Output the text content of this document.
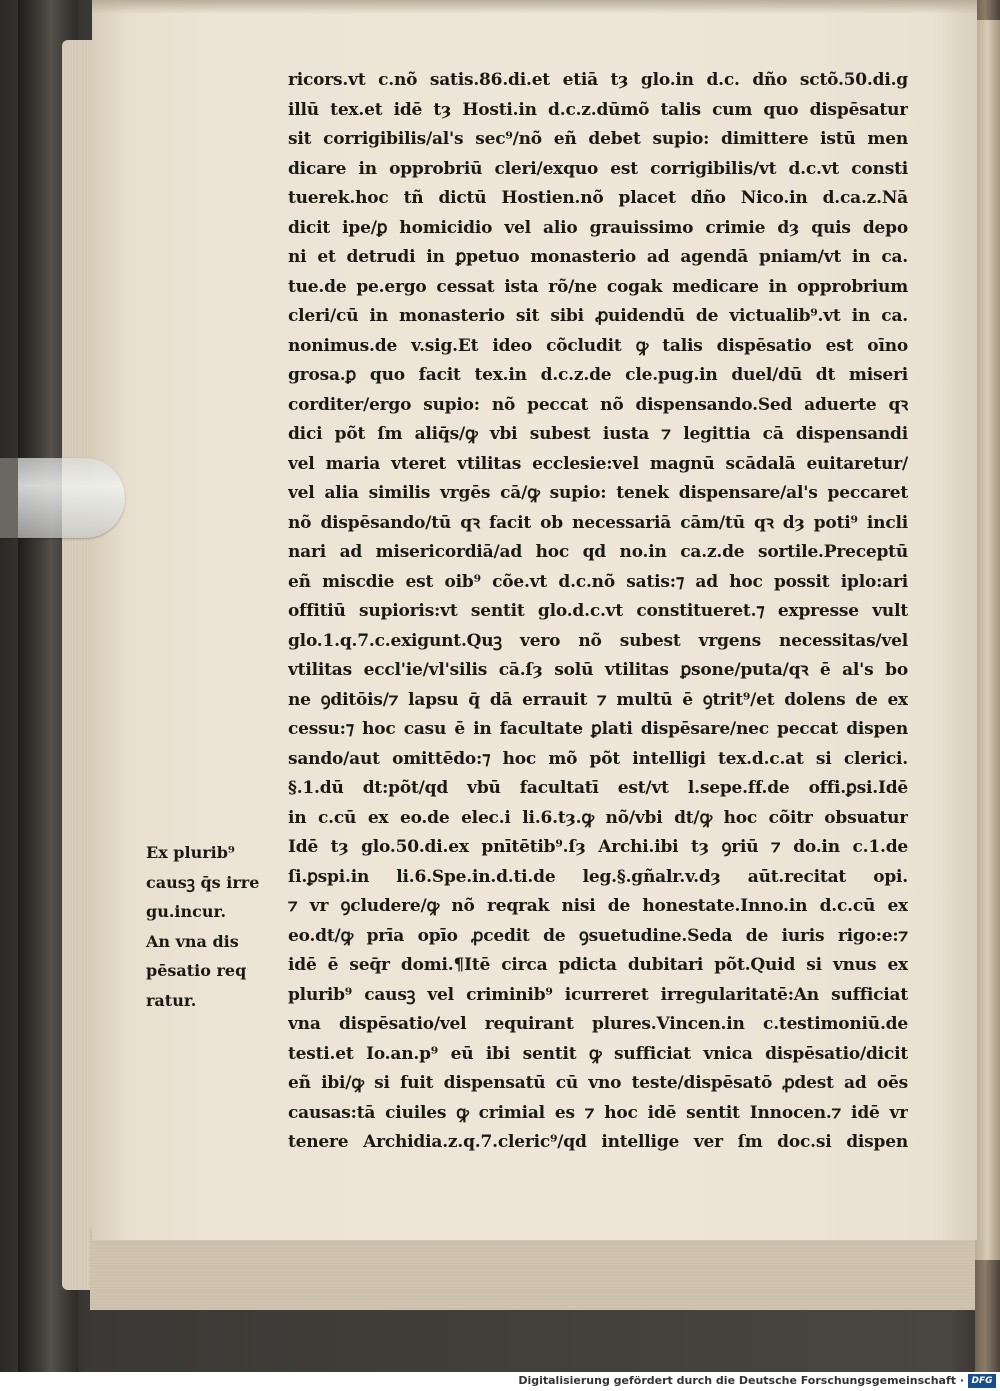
ricors.vt c.nõ satis.86.di.et etiā tȝ glo.in d.c. dño sctõ.50.di.g
illū tex.et idē tȝ Hosti.in d.c.z.dūmõ talis cum quo dispēsatur
sit corrigibilis/al's sec⁹/nõ eñ debet supio: dimittere istū men
dicare in opprobriū cleri/exquo est corrigibilis/vt d.c.vt consti
tuerek.hoc tñ dictū Hostien.nõ placet dño Nico.in d.ca.z.Nā
dicit ipe/ꝑ homicidio vel alio grauissimo crimie dȝ quis depo
ni et detrudi in ꝑpetuo monasterio ad agendā pniam/vt in ca.
tue.de pe.ergo cessat ista rõ/ne cogak medicare in opprobrium
cleri/cū in monasterio sit sibi ꝓuidendū de victualib⁹.vt in ca.
nonimus.de v.sig.Et ideo cõcludit ꝙ talis dispēsatio est oīno
grosa.ꝑ quo facit tex.in d.c.z.de cle.pug.in duel/dū dt miseri
corditer/ergo supio: nõ peccat nõ dispensando.Sed aduerte qꝛ
dici põt ſm aliq̄s/ꝙ vbi subest iusta ⁊ legittia cā dispensandi
vel maria vteret vtilitas ecclesie:vel magnū scādalā euitaretur/
vel alia similis vrgēs cā/ꝙ supio: tenek dispensare/al's peccaret
nõ dispēsando/tū qꝛ facit ob necessariā cām/tū qꝛ dȝ poti⁹ incli
nari ad misericordiā/ad hoc qd no.in ca.z.de sortile.Preceptū
eñ miscdie est oib⁹ cõe.vt d.c.nõ satis:⁊ ad hoc possit iplo:ari
offitiū supioris:vt sentit glo.d.c.vt constitueret.⁊ expresse vult
glo.1.q.7.c.exigunt.Quꝫ vero nõ subest vrgens necessitas/vel
vtilitas eccl'ie/vl'silis cā.ſȝ solū vtilitas ꝑsone/puta/qꝛ ē al's bo
ne ꝯditōis/⁊ lapsu q̄ dā errauit ⁊ multū ē ꝯtrit⁹/et dolens de ex
cessu:⁊ hoc casu ē in facultate ꝑlati dispēsare/nec peccat dispen
sando/aut omittēdo:⁊ hoc mõ põt intelligi tex.d.c.at si clerici.
§.1.dū dt:põt/qd vbū facultatī est/vt l.sepe.ff.de offi.ꝑsi.Idē
in c.cū ex eo.de elec.i li.6.tȝ.ꝙ nõ/vbi dt/ꝙ hoc cõitr obsuatur
Idē tȝ glo.50.di.ex pnītētib⁹.ſȝ Archi.ibi tȝ ꝯriū ⁊ do.in c.1.de
ſi.ꝑspi.in li.6.Spe.in.d.ti.de leg.§.gñalr.v.dȝ aūt.recitat opi.
⁊ vr ꝯcludere/ꝙ nõ reqrak nisi de honestate.Inno.in d.c.cū ex
eo.dt/ꝙ prīa opīo ꝓcedit de ꝯsuetudine.Seda de iuris rigo:e:⁊
idē ē seq̄r domi.¶Itē circa pdicta dubitari põt.Quid si vnus ex
plurib⁹ causꝫ vel criminib⁹ icurreret irregularitatē:An sufficiat
vna dispēsatio/vel requirant plures.Vincen.in c.testimoniū.de
testi.et Io.an.p⁹ eū ibi sentit ꝙ sufficiat vnica dispēsatio/dicit
eñ ibi/ꝙ si fuit dispensatū cū vno teste/dispēsatō ꝓdest ad oēs
causas:tā ciuiles ꝙ crimial es ⁊ hoc idē sentit Innocen.⁊ idē vr
tenere Archidia.z.q.7.cleric⁹/qd intellige ver ſm doc.si dispen
Ex plurib⁹
causꝫ q̄s irre
gu.incur.
An vna dis
pēsatio req
ratur.
Digitalisierung gefördert durch die Deutsche Forschungsgemeinschaft · DFG
